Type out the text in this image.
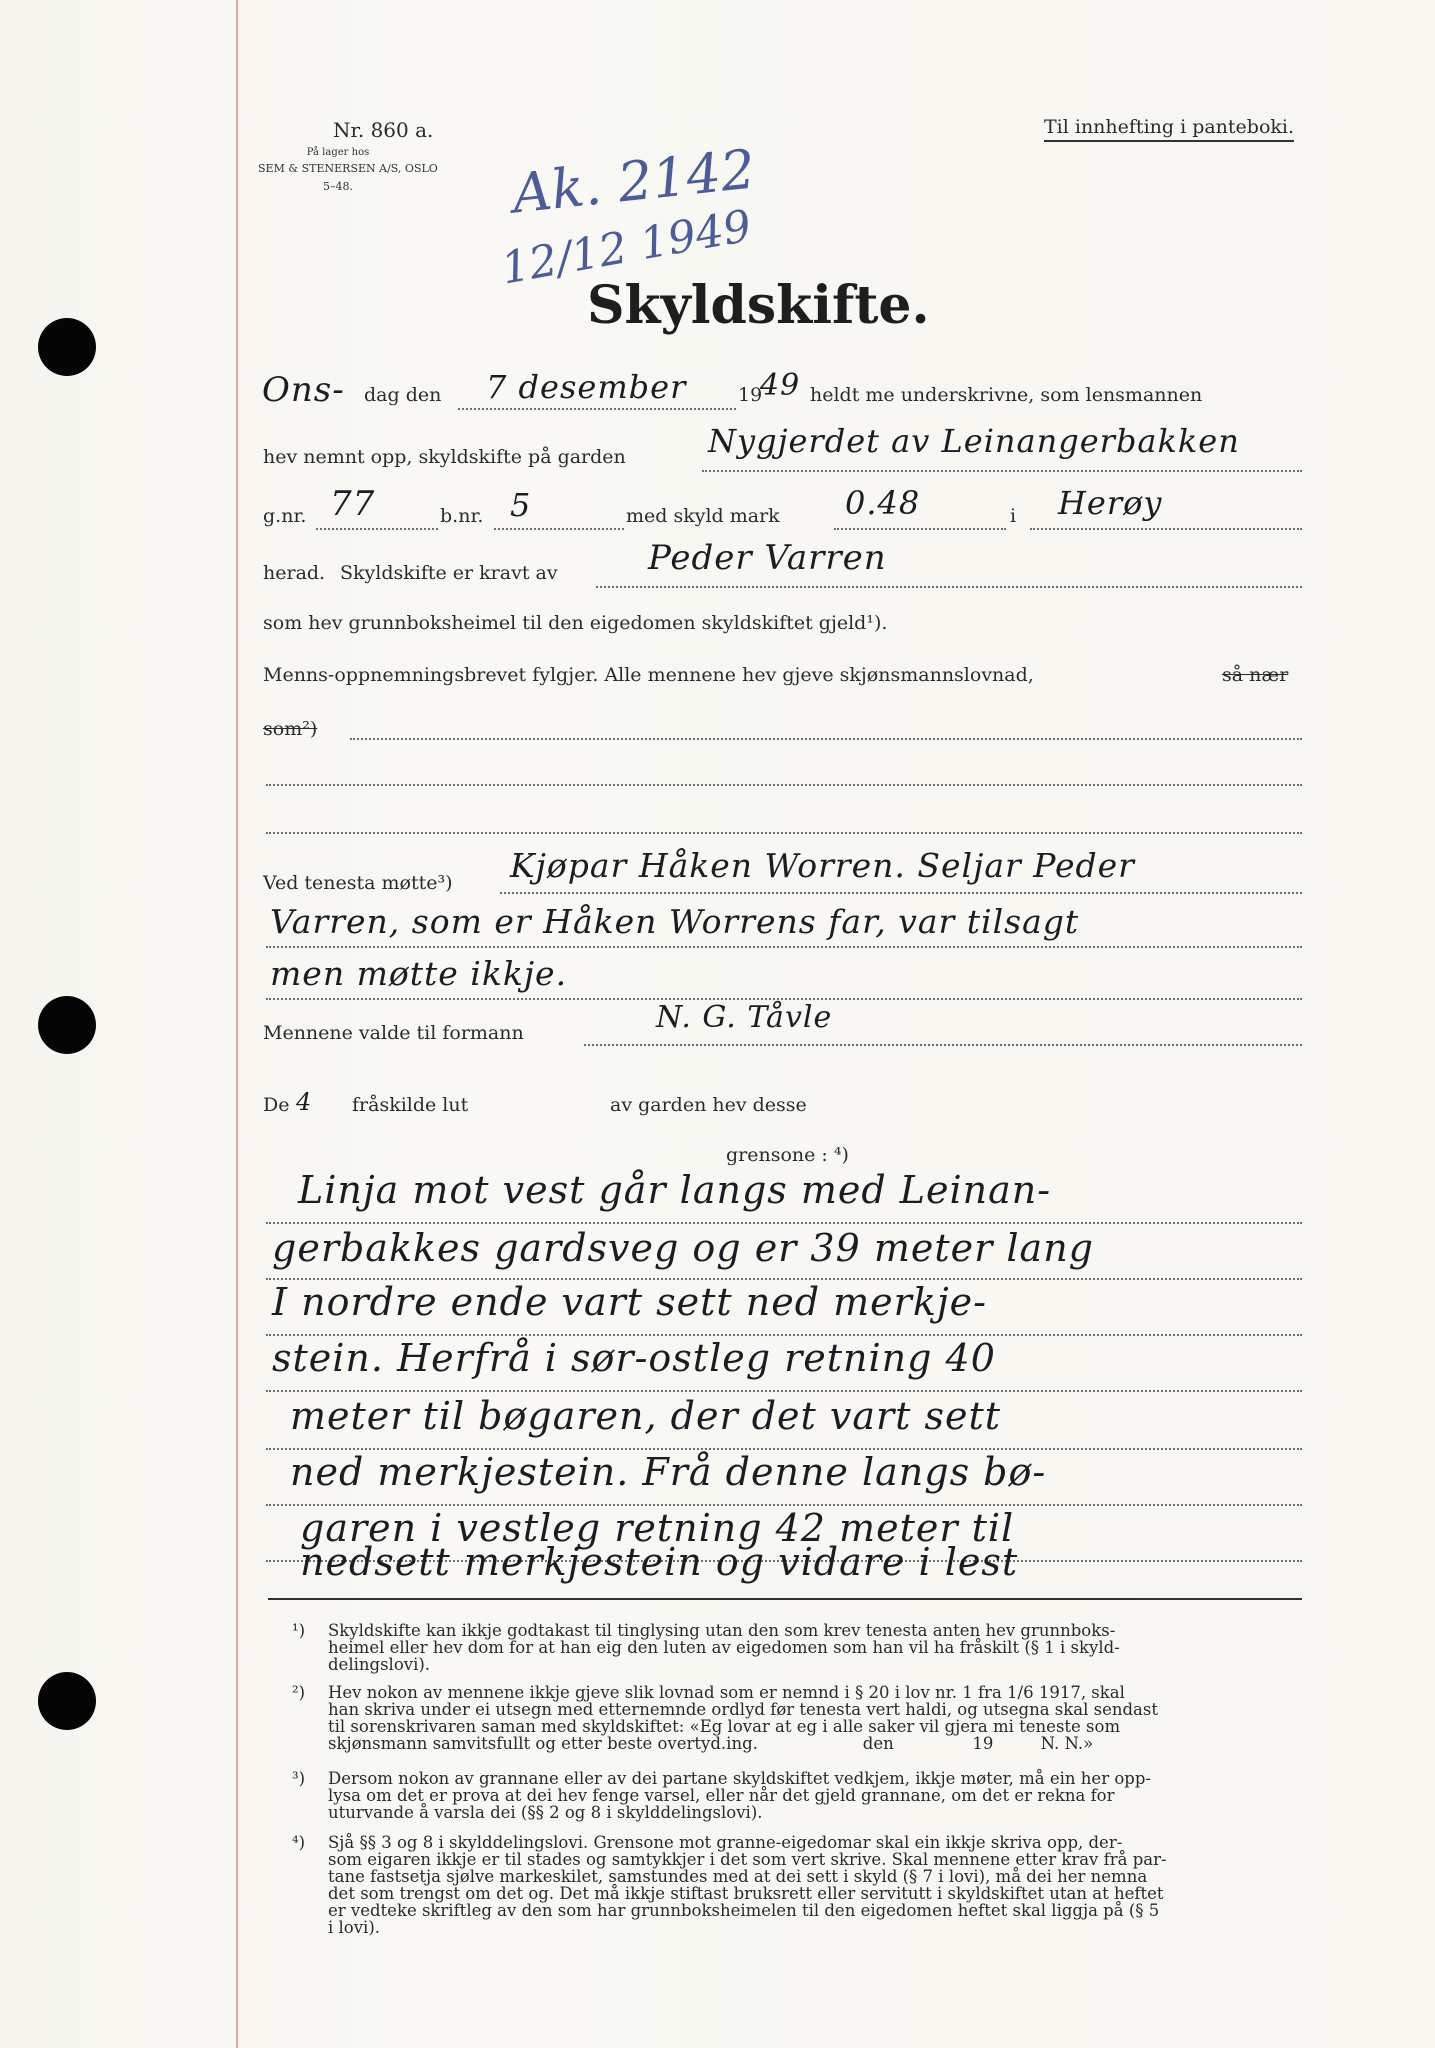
Nr. 860 a.
På lager hos
SEM & STENERSEN A/S, OSLO
5–48.
Til innhefting i panteboki.
Ak. 2142
12/12 1949
Skyldskifte.
Ons- dag den 7 desember	19
49 heldt me underskrivne, som lensmannen
hev nemnt opp, skyldskifte på garden	Nygjerdet av Leinangerbakken
g.nr. 77	b.nr. 5	med skyld mark 0.48	i Herøy
herad. Skyldskifte er kravt av	Peder Varren
som hev grunnboksheimel til den eigedomen skyldskiftet gjeld¹).
Menns-oppnemningsbrevet fylgjer. Alle mennene hev gjeve skjønsmannslovnad,	så nær
som²)
Ved tenesta møtte³) Kjøpar Håken Worren. Seljar Peder
Varren, som er Håken Worrens far, var tilsagt
men møtte ikkje.
Mennene valde til formann	N. G. Tåvle
De 4 fråskilde lut	av garden hev desse
grensone : ⁴)
Linja mot vest går langs med Leinan-
gerbakkes gardsveg og er 39 meter lang
I nordre ende vart sett ned merkje-
stein. Herfrå i sør-ostleg retning 40
meter til bøgaren, der det vart sett
ned merkjestein. Frå denne langs bø-
garen i vestleg retning 42 meter til
nedsett merkjestein og vidare i lest
¹) Skyldskifte kan ikkje godtakast til tinglysing utan den som krev tenesta anten hev grunnboks-
heimel eller hev dom for at han eig den luten av eigedomen som han vil ha fråskilt (§ 1 i skyld-
delingslovi).
²) Hev nokon av mennene ikkje gjeve slik lovnad som er nemnd i § 20 i lov nr. 1 fra 1/6 1917, skal
han skriva under ei utsegn med etternemnde ordlyd før tenesta vert haldi, og utsegna skal sendast
til sorenskrivaren saman med skyldskiftet: «Eg lovar at eg i alle saker vil gjera mi teneste som
skjønsmann samvitsfullt og etter beste overtyd.ing.                    den               19         N. N.»
³) Dersom nokon av grannane eller av dei partane skyldskiftet vedkjem, ikkje møter, må ein her opp-
lysa om det er prova at dei hev fenge varsel, eller når det gjeld grannane, om det er rekna for
uturvande å varsla dei (§§ 2 og 8 i skylddelingslovi).
⁴) Sjå §§ 3 og 8 i skylddelingslovi. Grensone mot granne-eigedomar skal ein ikkje skriva opp, der-
som eigaren ikkje er til stades og samtykkjer i det som vert skrive. Skal mennene etter krav frå par-
tane fastsetja sjølve markeskilet, samstundes med at dei sett i skyld (§ 7 i lovi), må dei her nemna
det som trengst om det og. Det må ikkje stiftast bruksrett eller servitutt i skyldskiftet utan at heftet
er vedteke skriftleg av den som har grunnboksheimelen til den eigedomen heftet skal liggja på (§ 5
i lovi).
